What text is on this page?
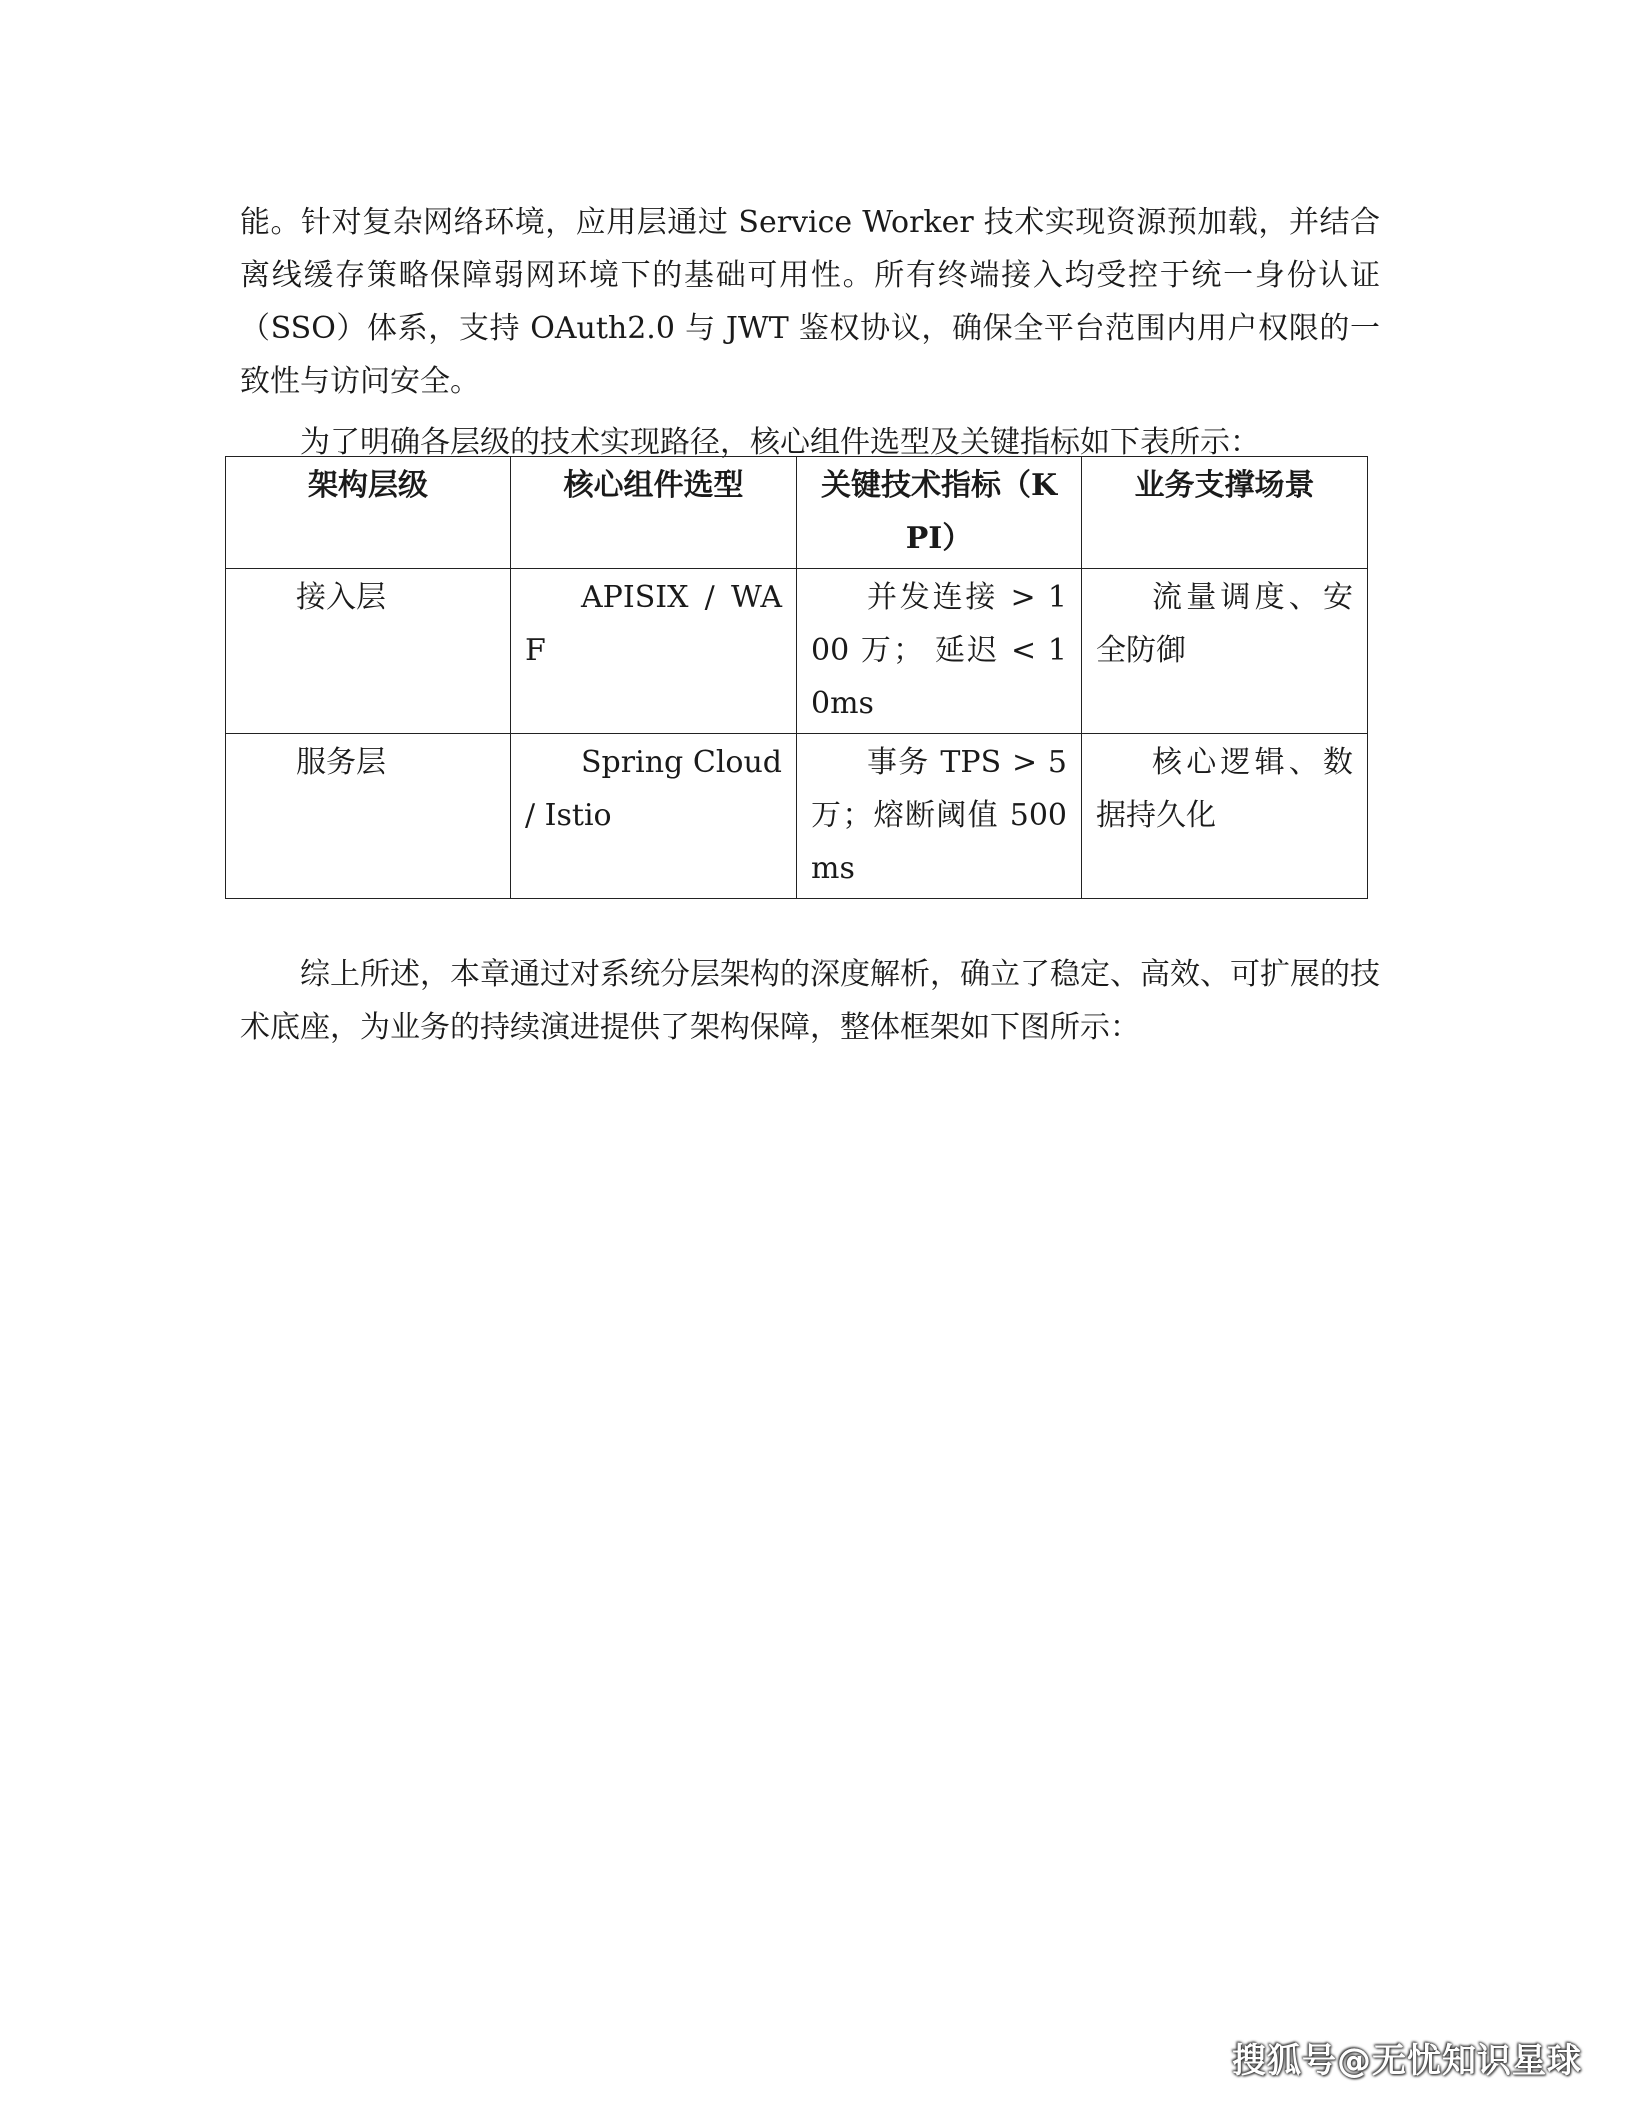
能。针对复杂网络环境，应用层通过 Service Worker 技术实现资源预加载，并结合离线缓存策略保障弱网环境下的基础可用性。所有终端接入均受控于统一身份认证（SSO）体系，支持 OAuth2.0 与 JWT 鉴权协议，确保全平台范围内用户权限的一致性与访问安全。

为了明确各层级的技术实现路径，核心组件选型及关键指标如下表所示：

架构层级	核心组件选型	关键技术指标（KPI）	业务支撑场景
接入层	APISIX / WAF	并发连接 > 100 万； 延迟 < 10ms	流量调度、安全防御
服务层	Spring Cloud / Istio	事务 TPS > 5 万；熔断阈值 500ms	核心逻辑、数据持久化

综上所述，本章通过对系统分层架构的深度解析，确立了稳定、高效、可扩展的技术底座，为业务的持续演进提供了架构保障，整体框架如下图所示：

搜狐号@无忧知识星球
